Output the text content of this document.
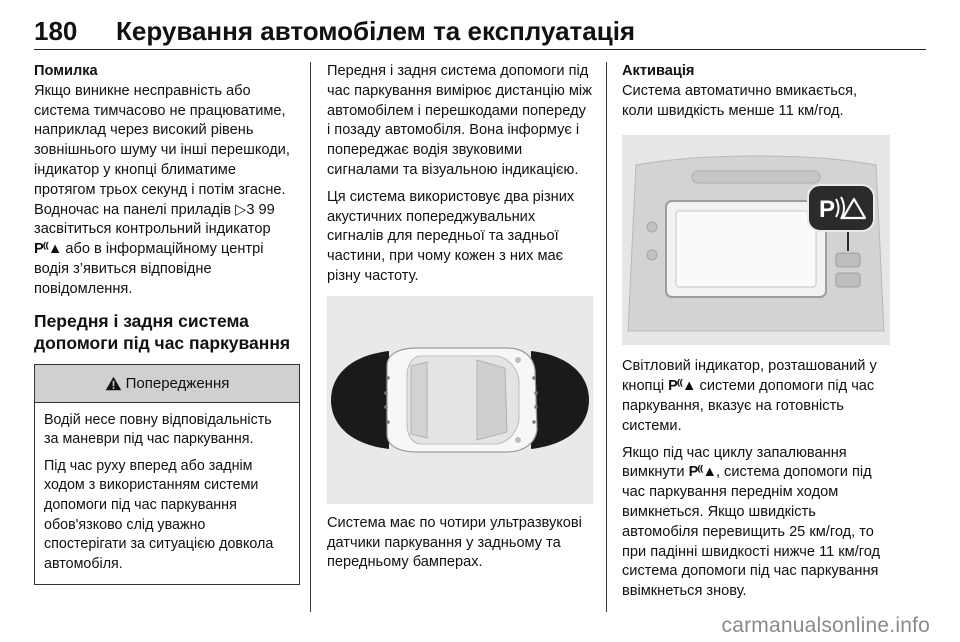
180 Керування автомобілем та експлуатація
Помилка
Якщо виникне несправність або система тимчасово не працюватиме, наприклад через високий рівень зовнішнього шуму чи інші перешкоди, індикатор у кнопці блиматиме протягом трьох секунд і потім згасне. Водночас на панелі приладів ▷3 99 засвітиться контрольний індикатор P⁽⁽▲ або в інформаційному центрі водія з’явиться відповідне повідомлення.
Передня і задня система допомоги під час паркування
Попередження
Водій несе повну відповідальність за маневри під час паркування.
Під час руху вперед або заднім ходом з використанням системи допомоги під час паркування обов'язково слід уважно спостерігати за ситуацією довкола автомобіля.
Передня і задня система допомоги під час паркування вимірює дистанцію між автомобілем і перешкодами попереду і позаду автомобіля. Вона інформує і попереджає водія звуковими сигналами та візуальною індикацією.
Ця система використовує два різних акустичних попереджувальних сигналів для передньої та задньої частини, при чому кожен з них має різну частоту.
Система має по чотири ультразвукові датчики паркування у задньому та передньому бамперах.
Активація
Система автоматично вмикається, коли швидкість менше 11 км/год.
P
Світловий індикатор, розташований у кнопці P⁽⁽▲ системи допомоги під час паркування, вказує на готовність системи.
Якщо під час циклу запалювання вимкнути P⁽⁽▲, система допомоги під час паркування переднім ходом вимкнеться. Якщо швидкість автомобіля перевищить 25 км/год, то при падінні швидкості нижче 11 км/год система допомоги під час паркування ввімкнеться знову.
carmanualsonline.info
